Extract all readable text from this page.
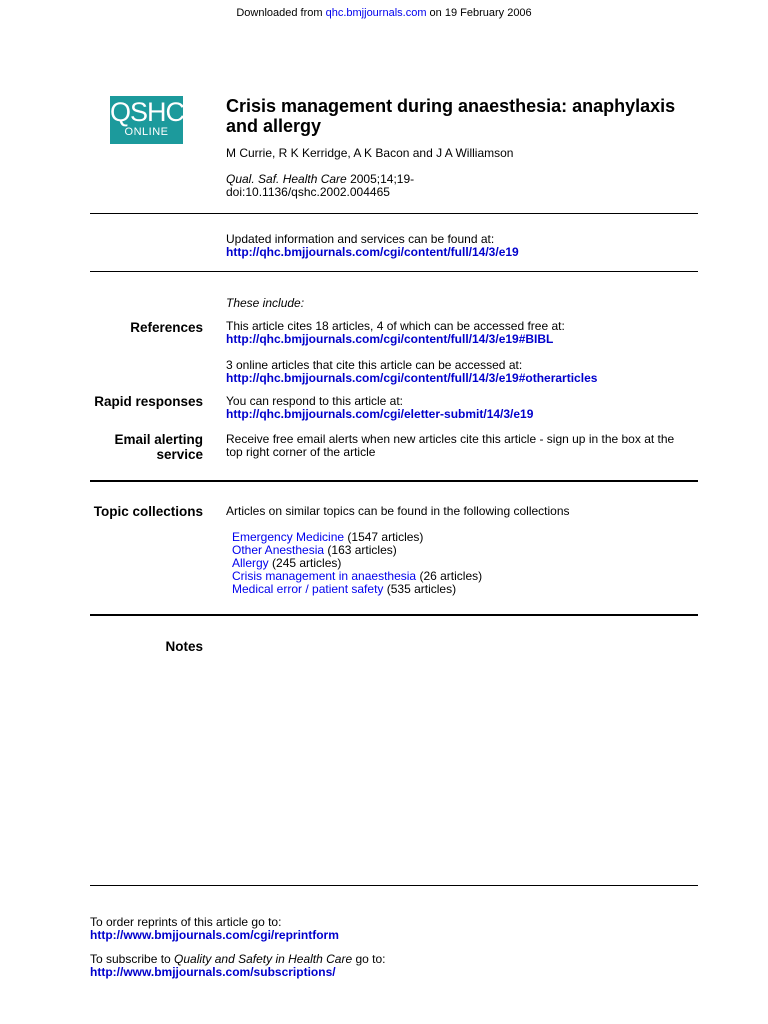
Downloaded from qhc.bmjjournals.com on 19 February 2006
QSHC
ONLINE
Crisis management during anaesthesia: anaphylaxis and allergy
M Currie, R K Kerridge, A K Bacon and J A Williamson
Qual. Saf. Health Care 2005;14;19-
doi:10.1136/qshc.2002.004465
Updated information and services can be found at:
http://qhc.bmjjournals.com/cgi/content/full/14/3/e19
These include:
References This article cites 18 articles, 4 of which can be accessed free at:
http://qhc.bmjjournals.com/cgi/content/full/14/3/e19#BIBL
3 online articles that cite this article can be accessed at:
http://qhc.bmjjournals.com/cgi/content/full/14/3/e19#otherarticles
Rapid responses You can respond to this article at:
http://qhc.bmjjournals.com/cgi/eletter-submit/14/3/e19
Email alerting
service
Receive free email alerts when new articles cite this article - sign up in the box at the
top right corner of the article
Topic collections Articles on similar topics can be found in the following collections
Emergency Medicine (1547 articles)
Other Anesthesia (163 articles)
Allergy (245 articles)
Crisis management in anaesthesia (26 articles)
Medical error / patient safety (535 articles)
Notes
To order reprints of this article go to:
http://www.bmjjournals.com/cgi/reprintform
To subscribe to Quality and Safety in Health Care go to:
http://www.bmjjournals.com/subscriptions/
